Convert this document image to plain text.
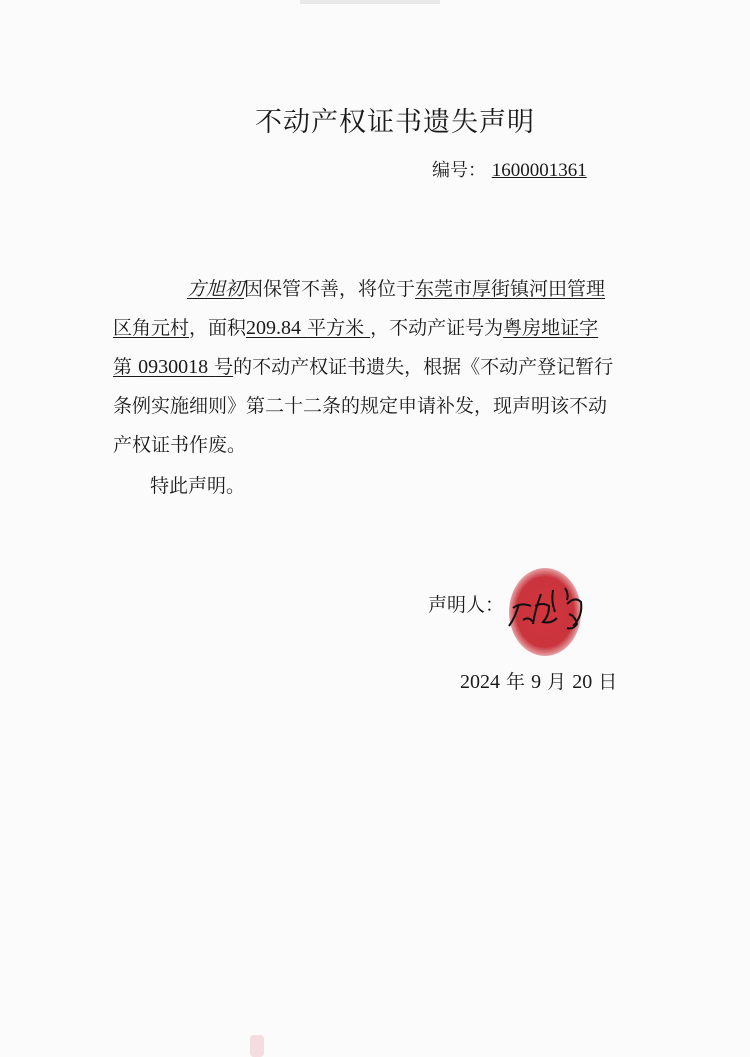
不动产权证书遗失声明
编号： 1600001361
方旭初因保管不善，将位于东莞市厚街镇河田管理
区角元村，面积209.84 平方米 ，不动产证号为粤房地证字
第 0930018 号的不动产权证书遗失，根据《不动产登记暂行
条例实施细则》第二十二条的规定申请补发，现声明该不动
产权证书作废。
特此声明。
声明人：
2024 年 9 月 20 日
